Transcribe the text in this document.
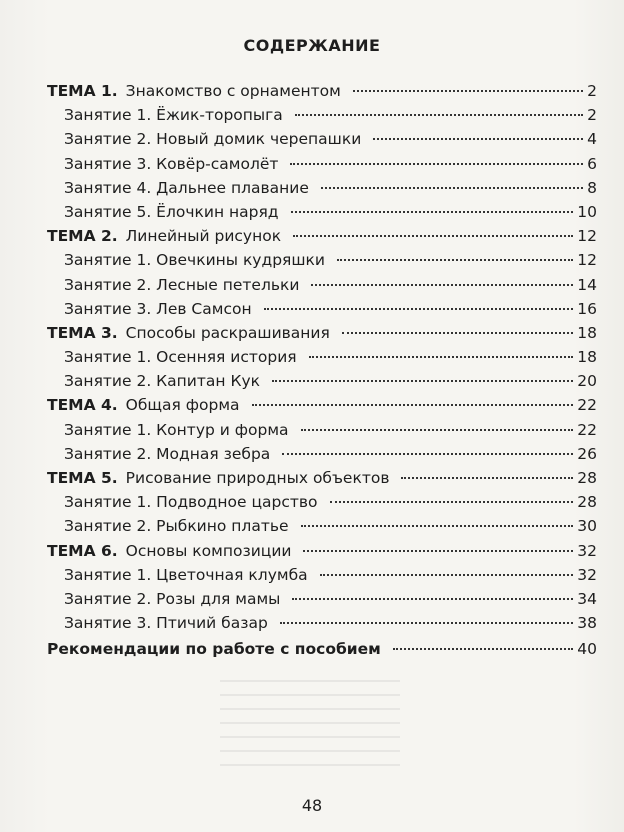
СОДЕРЖАНИЕ
ТЕМА 1. Знакомство с орнаментом	2
Занятие 1. Ёжик-торопыга	2
Занятие 2. Новый домик черепашки	4
Занятие 3. Ковёр-самолёт	6
Занятие 4. Дальнее плавание	8
Занятие 5. Ёлочкин наряд	10
ТЕМА 2. Линейный рисунок	12
Занятие 1. Овечкины кудряшки	12
Занятие 2. Лесные петельки	14
Занятие 3. Лев Самсон	16
ТЕМА 3. Способы раскрашивания	18
Занятие 1. Осенняя история	18
Занятие 2. Капитан Кук	20
ТЕМА 4. Общая форма	22
Занятие 1. Контур и форма	22
Занятие 2. Модная зебра	26
ТЕМА 5. Рисование природных объектов	28
Занятие 1. Подводное царство	28
Занятие 2. Рыбкино платье	30
ТЕМА 6. Основы композиции	32
Занятие 1. Цветочная клумба	32
Занятие 2. Розы для мамы	34
Занятие 3. Птичий базар	38
Рекомендации по работе с пособием	40
48
